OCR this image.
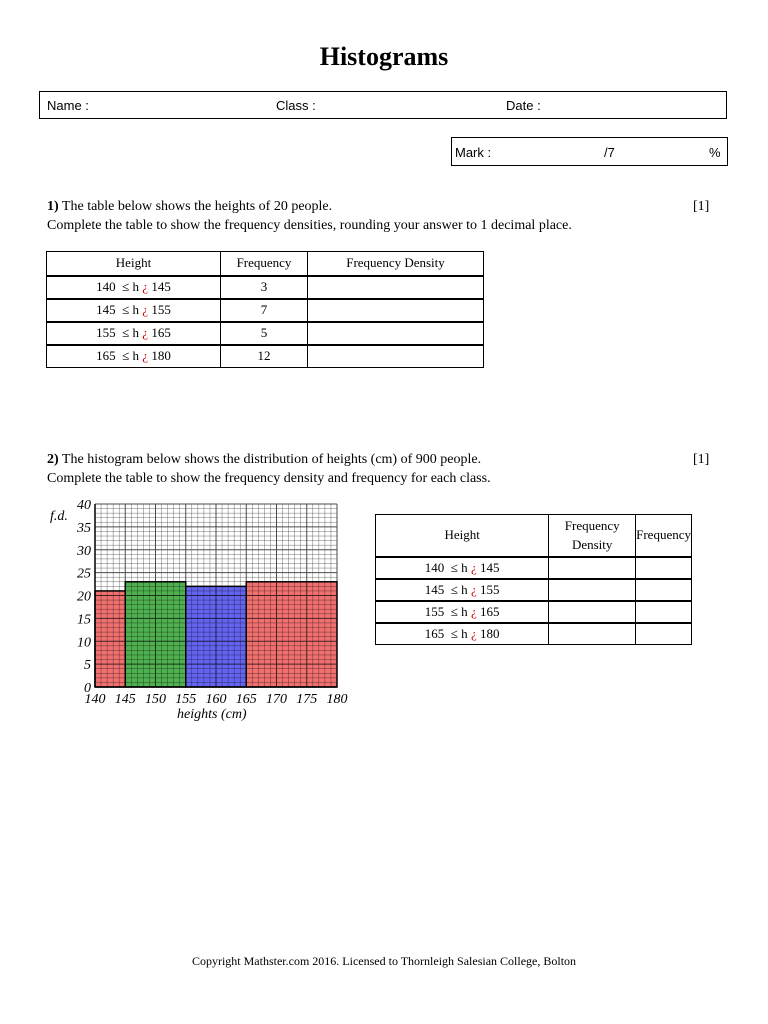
Histograms
Name :	Class :	Date :
Mark :	/7	%
1) The table below shows the heights of 20 people.	[1]
Complete the table to show the frequency densities, rounding your answer to 1 decimal place.
Height	Frequency	Frequency Density
140 ≤ h ¿ 145	3	
145 ≤ h ¿ 155	7	
155 ≤ h ¿ 165	5	
165 ≤ h ¿ 180	12	
2) The histogram below shows the distribution of heights (cm) of 900 people.	[1]
Complete the table to show the frequency density and frequency for each class.
0
5
10
15
20
25
30
35
40
140 145 150 155 160 165 170 175 180
f.d.
heights (cm)
Height	Frequency Density	Frequency
140 ≤ h ¿ 145		
145 ≤ h ¿ 155		
155 ≤ h ¿ 165		
165 ≤ h ¿ 180		
Copyright Mathster.com 2016. Licensed to Thornleigh Salesian College, Bolton
